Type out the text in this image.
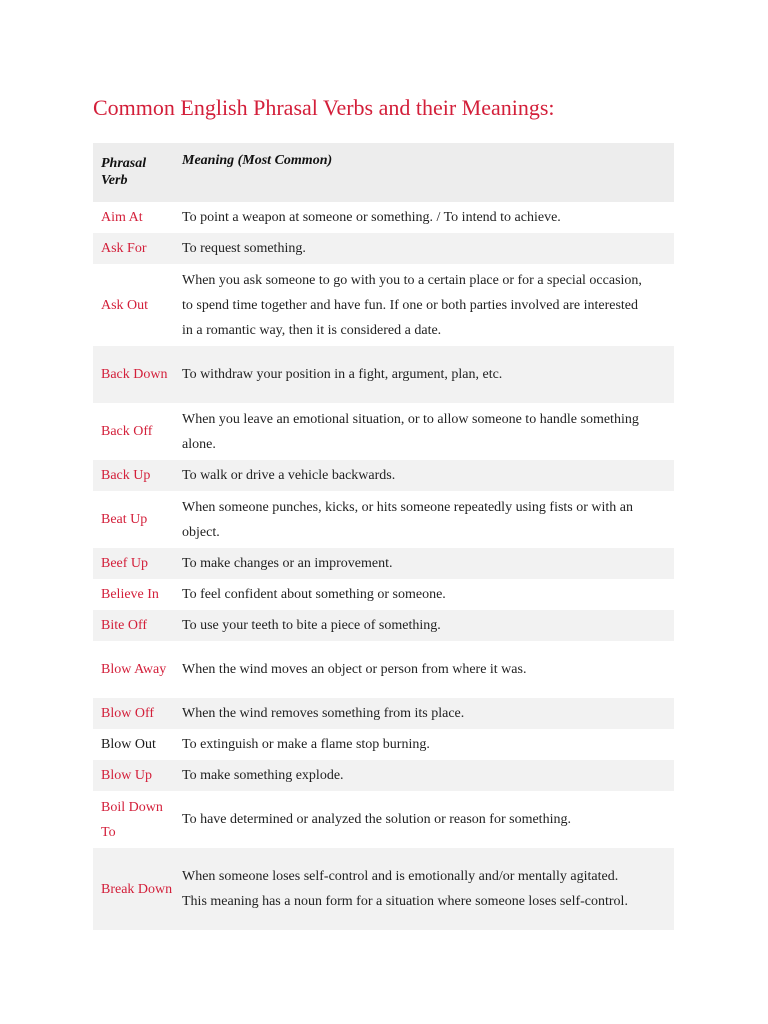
Common English Phrasal Verbs and their Meanings:
Phrasal Verb	Meaning (Most Common)
Aim At	To point a weapon at someone or something. / To intend to achieve.
Ask For	To request something.
Ask Out	When you ask someone to go with you to a certain place or for a special occasion, to spend time together and have fun. If one or both parties involved are interested in a romantic way, then it is considered a date.
Back Down	To withdraw your position in a fight, argument, plan, etc.
Back Off	When you leave an emotional situation, or to allow someone to handle something alone.
Back Up	To walk or drive a vehicle backwards.
Beat Up	When someone punches, kicks, or hits someone repeatedly using fists or with an object.
Beef Up	To make changes or an improvement.
Believe In	To feel confident about something or someone.
Bite Off	To use your teeth to bite a piece of something.
Blow Away	When the wind moves an object or person from where it was.
Blow Off	When the wind removes something from its place.
Blow Out	To extinguish or make a flame stop burning.
Blow Up	To make something explode.
Boil Down To	To have determined or analyzed the solution or reason for something.
Break Down	When someone loses self-control and is emotionally and/or mentally agitated. This meaning has a noun form for a situation where someone loses self-control.
